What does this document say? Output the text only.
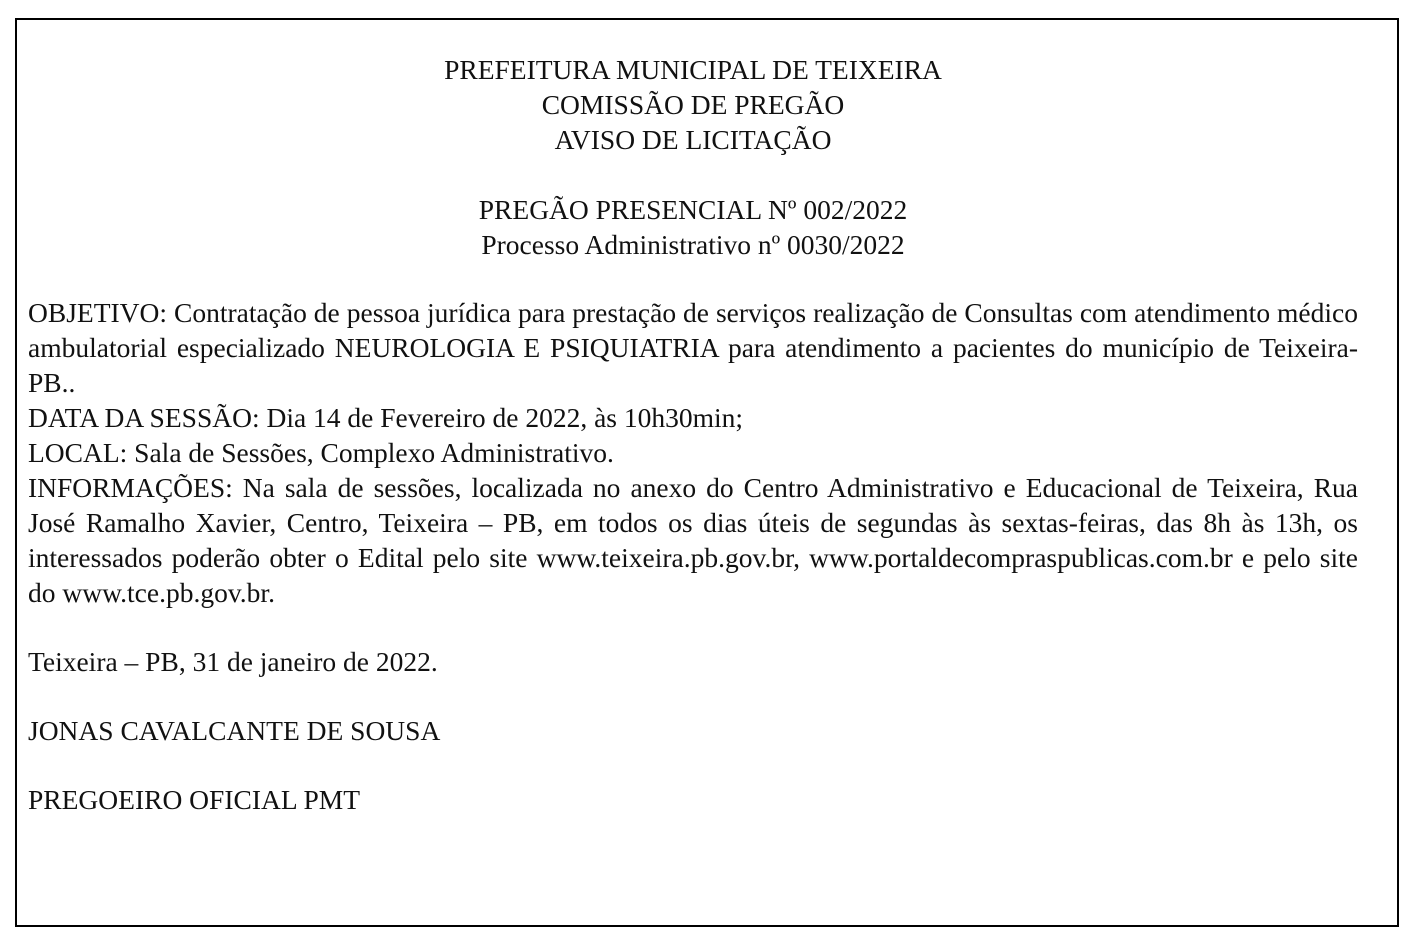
PREFEITURA MUNICIPAL DE TEIXEIRA
COMISSÃO DE PREGÃO
AVISO DE LICITAÇÃO
PREGÃO PRESENCIAL Nº 002/2022
Processo Administrativo nº 0030/2022
OBJETIVO: Contratação de pessoa jurídica para prestação de serviços realização de Consultas com atendimento médico ambulatorial especializado NEUROLOGIA E PSIQUIATRIA para atendimento a pacientes do município de Teixeira-PB..
DATA DA SESSÃO: Dia 14 de Fevereiro de 2022, às 10h30min;
LOCAL: Sala de Sessões, Complexo Administrativo.
INFORMAÇÕES: Na sala de sessões, localizada no anexo do Centro Administrativo e Educacional de Teixeira, Rua José Ramalho Xavier, Centro, Teixeira – PB, em todos os dias úteis de segundas às sextas-feiras, das 8h às 13h, os interessados poderão obter o Edital pelo site www.teixeira.pb.gov.br, www.portaldecompraspublicas.com.br e pelo site do www.tce.pb.gov.br.
Teixeira – PB, 31 de janeiro de 2022.
JONAS CAVALCANTE DE SOUSA
PREGOEIRO OFICIAL PMT
